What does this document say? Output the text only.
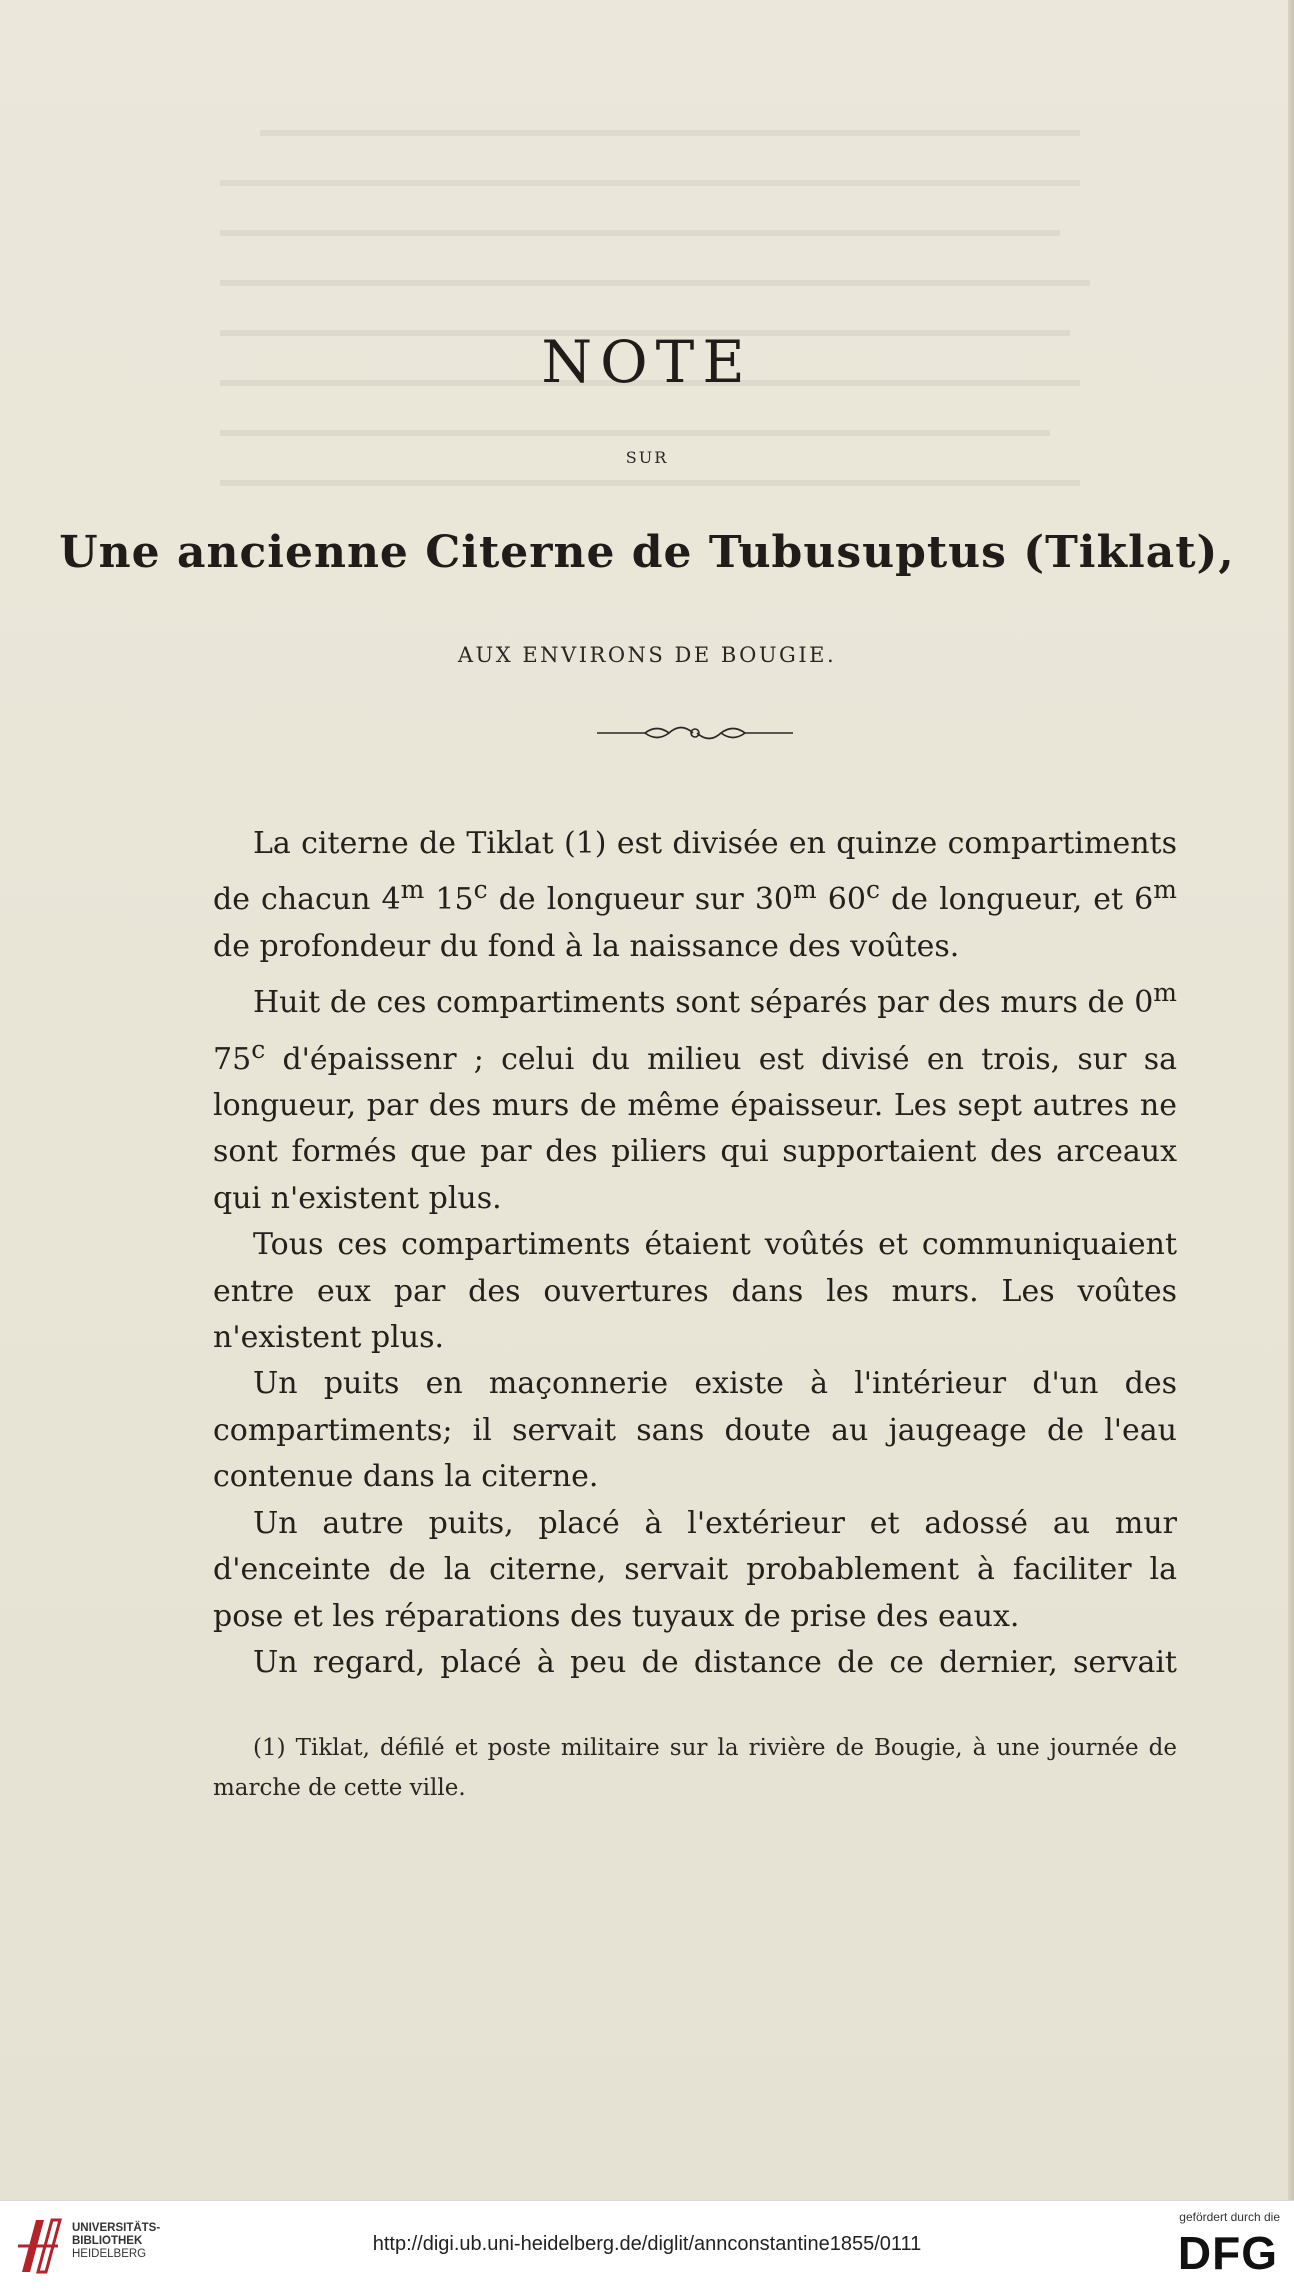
NOTE
SUR
Une ancienne Citerne de Tubusuptus (Tiklat),
AUX ENVIRONS DE BOUGIE.

La citerne de Tiklat (1) est divisée en quinze compartiments de chacun 4$^m$ 15$^c$ de longueur sur 30$^m$ 60$^c$ de longueur, et 6$^m$ de profondeur du fond à la naissance des voûtes.

Huit de ces compartiments sont séparés par des murs de 0$^m$ 75$^c$ d'épaissenr ; celui du milieu est divisé en trois, sur sa longueur, par des murs de même épaisseur. Les sept autres ne sont formés que par des piliers qui supportaient des arceaux qui n'existent plus.

Tous ces compartiments étaient voûtés et communiquaient entre eux par des ouvertures dans les murs. Les voûtes n'existent plus.

Un puits en maçonnerie existe à l'intérieur d'un des compartiments; il servait sans doute au jaugeage de l'eau contenue dans la citerne.

Un autre puits, placé à l'extérieur et adossé au mur d'enceinte de la citerne, servait probablement à faciliter la pose et les réparations des tuyaux de prise des eaux.

Un regard, placé à peu de distance de ce dernier, servait

(1) Tiklat, défilé et poste militaire sur la rivière de Bougie, à une journée de marche de cette ville.

UNIVERSITÄTS-
BIBLIOTHEK
HEIDELBERG	http://digi.ub.uni-heidelberg.de/diglit/annconstantine1855/0111
gefördert durch die
DFG
